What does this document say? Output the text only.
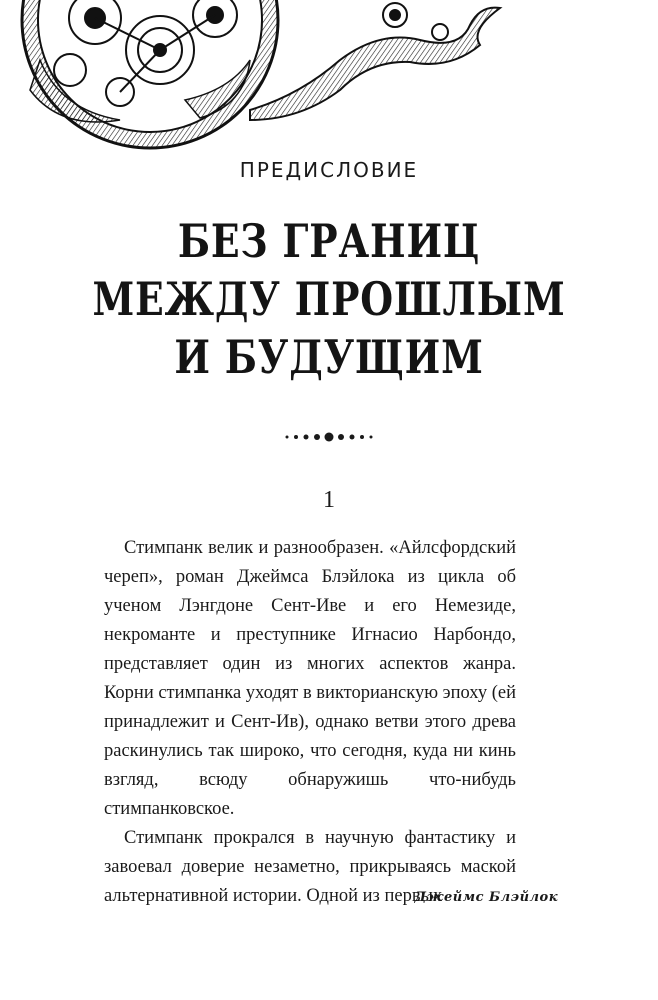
ПРЕДИСЛОВИЕ
БЕЗ ГРАНИЦ
МЕЖДУ ПРОШЛЫМ
И БУДУЩИМ
1

Стимпанк велик и разнообразен. «Айлсфордский череп», роман Джеймса Блэйлока из цикла об ученом Лэнгдоне Сент-Иве и его Немезиде, некроманте и преступнике Игнасио Нарбондо, представляет один из многих аспектов жанра. Корни стимпанка уходят в викторианскую эпоху (ей принадлежит и Сент-Ив), однако ветви этого древа раскинулись так широко, что сегодня, куда ни кинь взгляд, всюду обнаружишь что-нибудь стимпанковское.

Стимпанк прокрался в научную фантастику и завоевал доверие незаметно, прикрываясь маской альтернативной истории. Одной из первых

Джеймс Блэйлок
